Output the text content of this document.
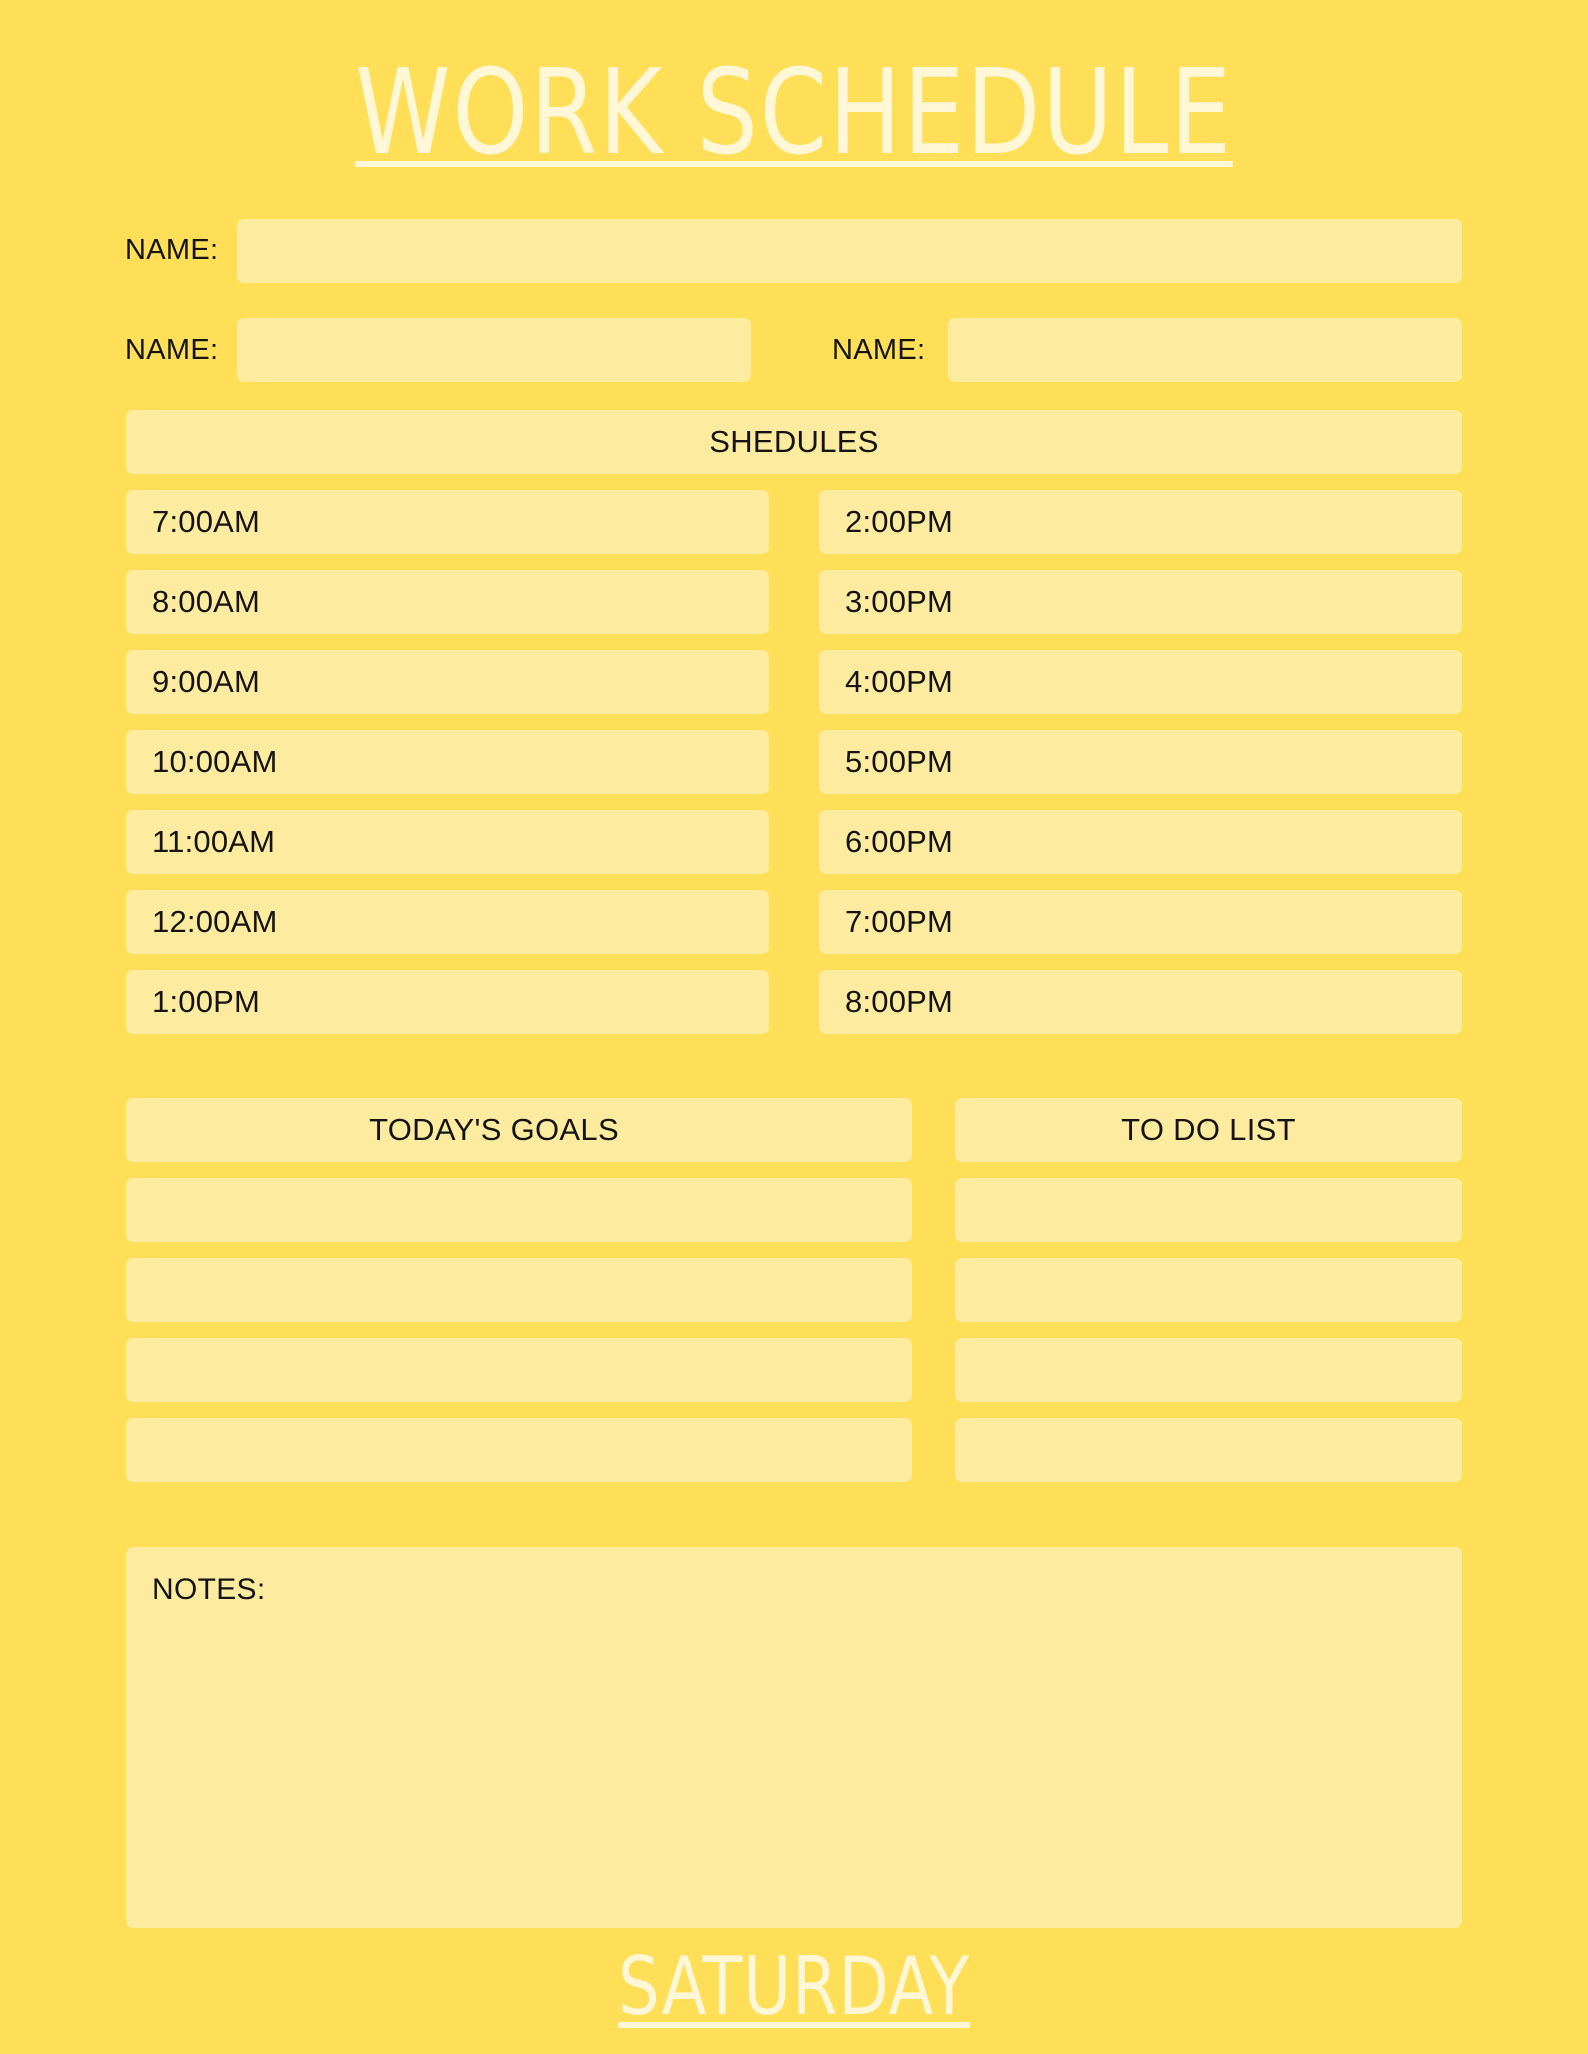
WORK SCHEDULE
NAME:
NAME:	NAME:
SHEDULES
7:00AM
8:00AM
9:00AM
10:00AM
11:00AM
12:00AM
1:00PM
2:00PM
3:00PM
4:00PM
5:00PM
6:00PM
7:00PM
8:00PM
TODAY'S GOALS	TO DO LIST
NOTES:
SATURDAY
